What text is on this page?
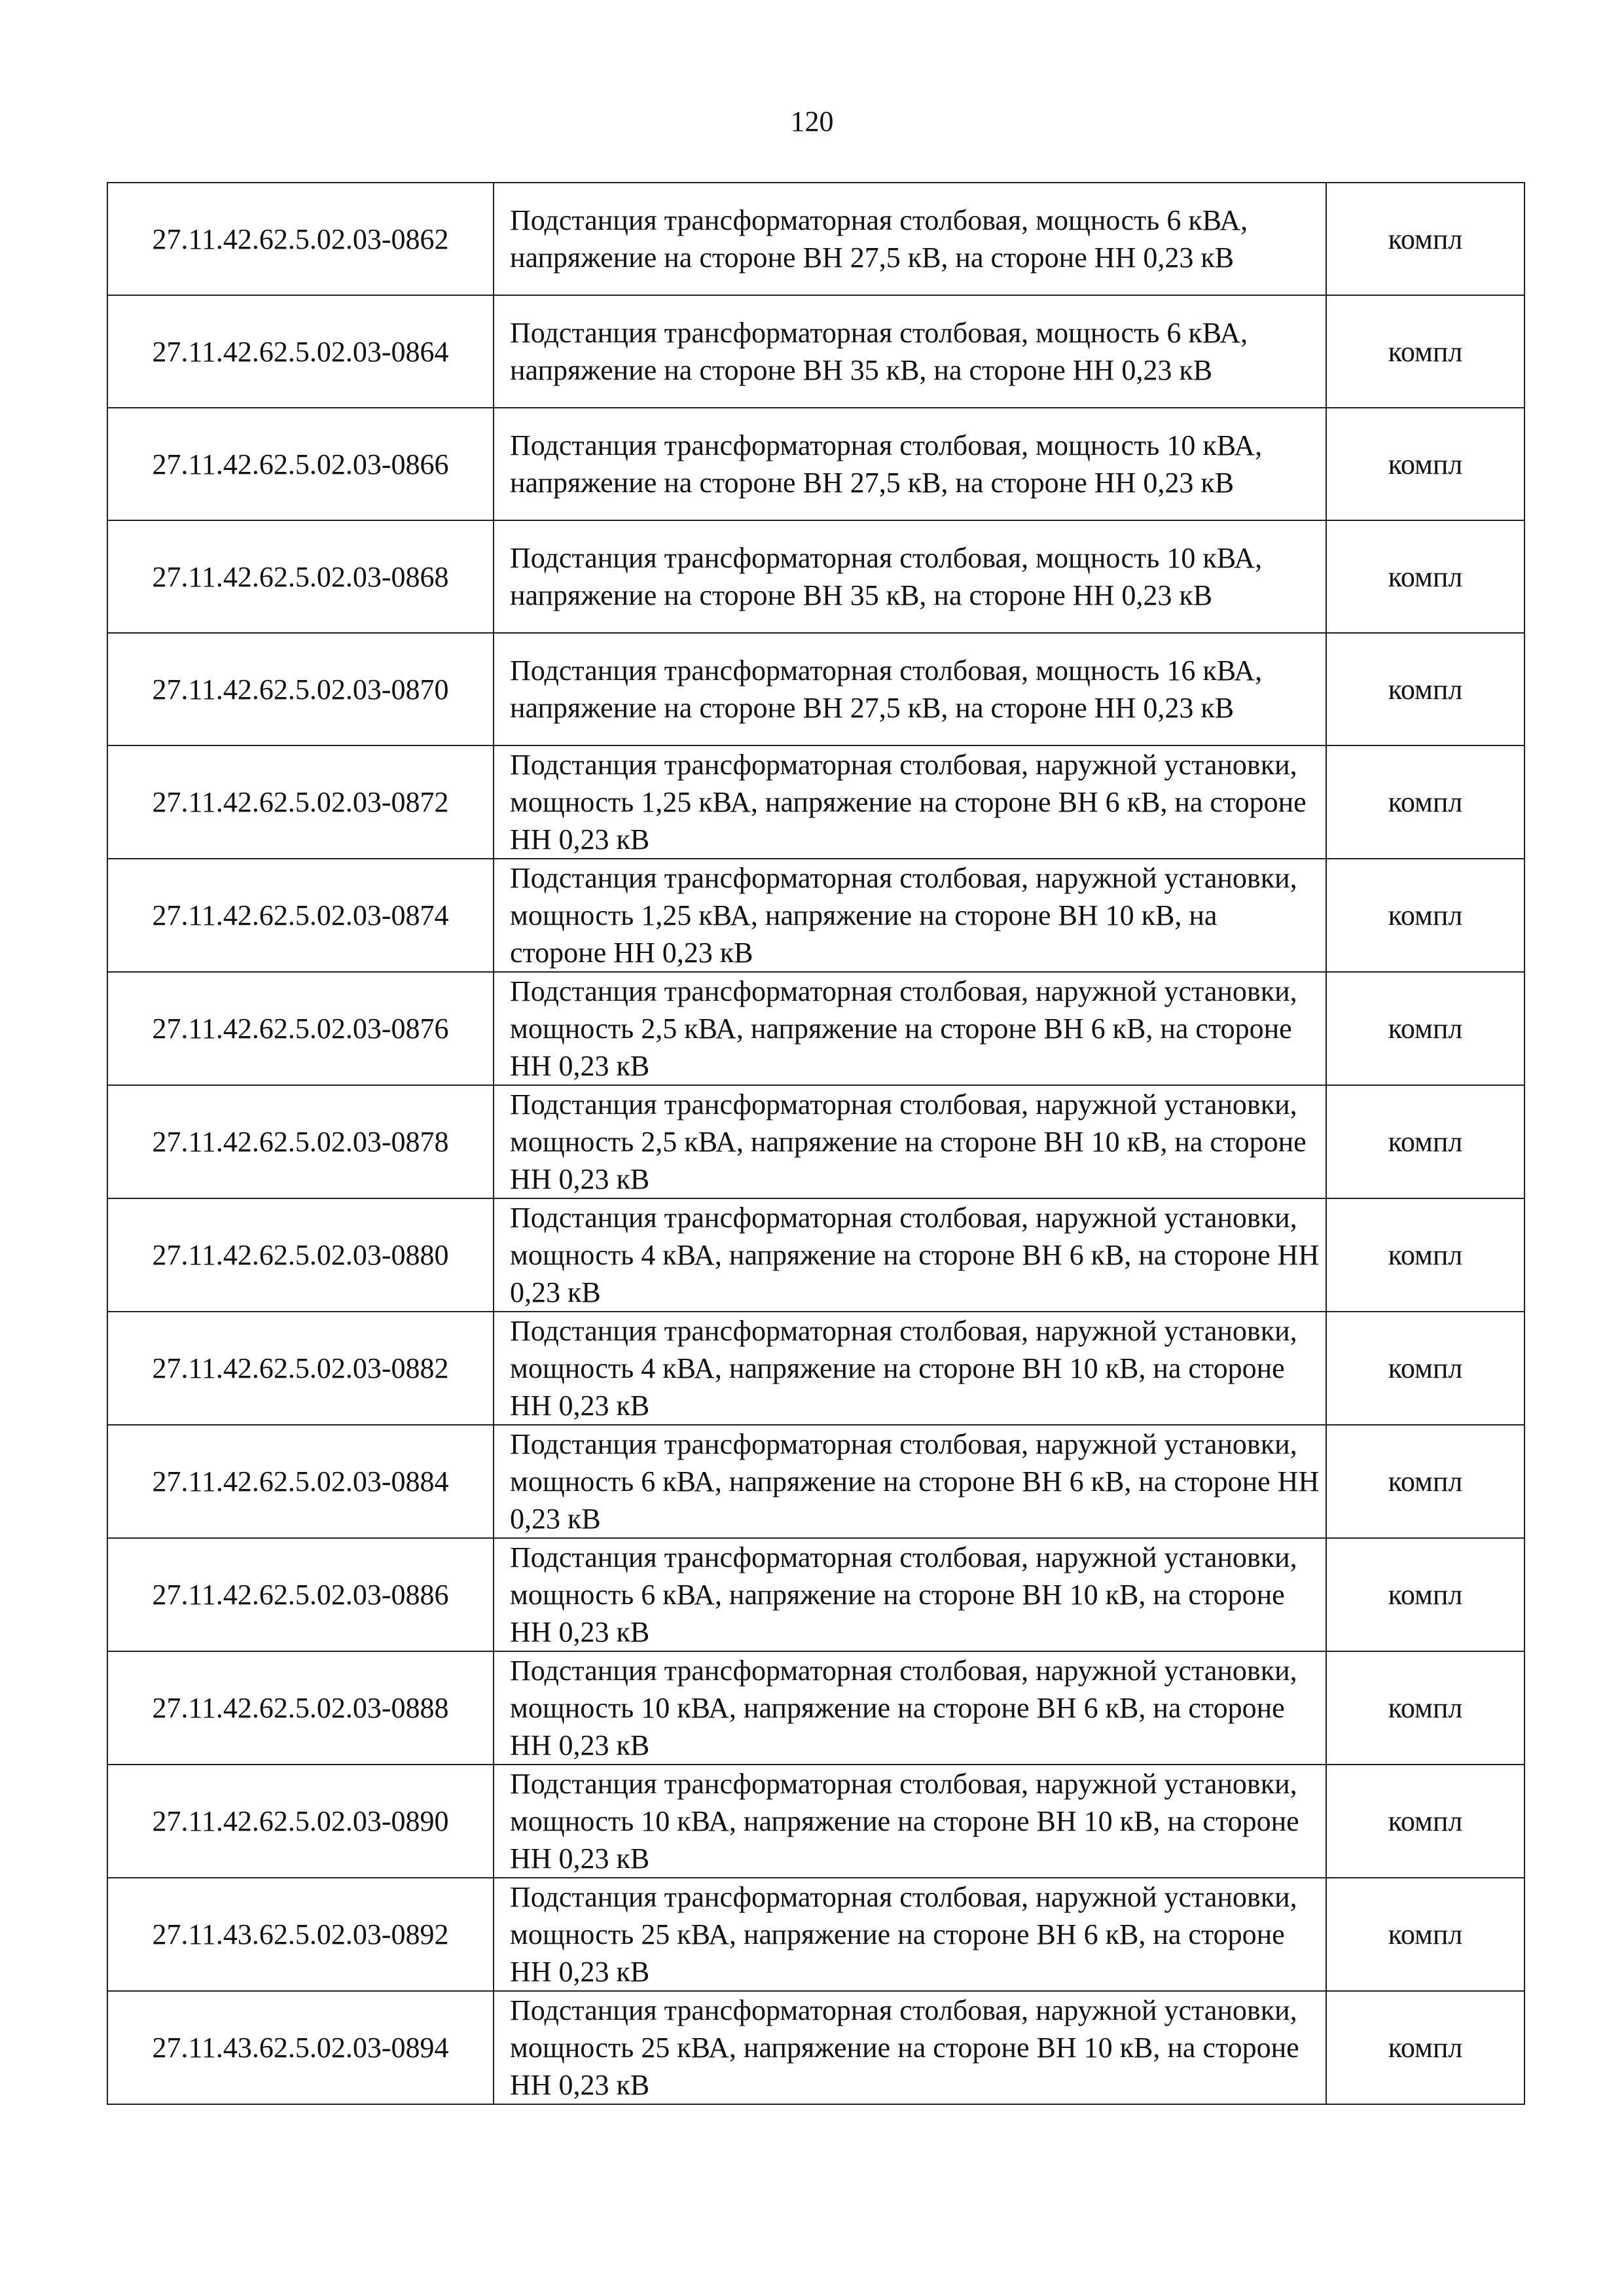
120
27.11.42.62.5.02.03-0862	Подстанция трансформаторная столбовая, мощность 6 кВА, напряжение на стороне ВН 27,5 кВ, на стороне НН 0,23 кВ	компл
27.11.42.62.5.02.03-0864	Подстанция трансформаторная столбовая, мощность 6 кВА, напряжение на стороне ВН 35 кВ, на стороне НН 0,23 кВ	компл
27.11.42.62.5.02.03-0866	Подстанция трансформаторная столбовая, мощность 10 кВА, напряжение на стороне ВН 27,5 кВ, на стороне НН 0,23 кВ	компл
27.11.42.62.5.02.03-0868	Подстанция трансформаторная столбовая, мощность 10 кВА, напряжение на стороне ВН 35 кВ, на стороне НН 0,23 кВ	компл
27.11.42.62.5.02.03-0870	Подстанция трансформаторная столбовая, мощность 16 кВА, напряжение на стороне ВН 27,5 кВ, на стороне НН 0,23 кВ	компл
27.11.42.62.5.02.03-0872	Подстанция трансформаторная столбовая, наружной установки, мощность 1,25 кВА, напряжение на стороне ВН 6 кВ, на стороне НН 0,23 кВ	компл
27.11.42.62.5.02.03-0874	Подстанция трансформаторная столбовая, наружной установки, мощность 1,25 кВА, напряжение на стороне ВН 10 кВ, на стороне НН 0,23 кВ	компл
27.11.42.62.5.02.03-0876	Подстанция трансформаторная столбовая, наружной установки, мощность 2,5 кВА, напряжение на стороне ВН 6 кВ, на стороне НН 0,23 кВ	компл
27.11.42.62.5.02.03-0878	Подстанция трансформаторная столбовая, наружной установки, мощность 2,5 кВА, напряжение на стороне ВН 10 кВ, на стороне НН 0,23 кВ	компл
27.11.42.62.5.02.03-0880	Подстанция трансформаторная столбовая, наружной установки, мощность 4 кВА, напряжение на стороне ВН 6 кВ, на стороне НН 0,23 кВ	компл
27.11.42.62.5.02.03-0882	Подстанция трансформаторная столбовая, наружной установки, мощность 4 кВА, напряжение на стороне ВН 10 кВ, на стороне НН 0,23 кВ	компл
27.11.42.62.5.02.03-0884	Подстанция трансформаторная столбовая, наружной установки, мощность 6 кВА, напряжение на стороне ВН 6 кВ, на стороне НН 0,23 кВ	компл
27.11.42.62.5.02.03-0886	Подстанция трансформаторная столбовая, наружной установки, мощность 6 кВА, напряжение на стороне ВН 10 кВ, на стороне НН 0,23 кВ	компл
27.11.42.62.5.02.03-0888	Подстанция трансформаторная столбовая, наружной установки, мощность 10 кВА, напряжение на стороне ВН 6 кВ, на стороне НН 0,23 кВ	компл
27.11.42.62.5.02.03-0890	Подстанция трансформаторная столбовая, наружной установки, мощность 10 кВА, напряжение на стороне ВН 10 кВ, на стороне НН 0,23 кВ	компл
27.11.43.62.5.02.03-0892	Подстанция трансформаторная столбовая, наружной установки, мощность 25 кВА, напряжение на стороне ВН 6 кВ, на стороне НН 0,23 кВ	компл
27.11.43.62.5.02.03-0894	Подстанция трансформаторная столбовая, наружной установки, мощность 25 кВА, напряжение на стороне ВН 10 кВ, на стороне НН 0,23 кВ	компл
